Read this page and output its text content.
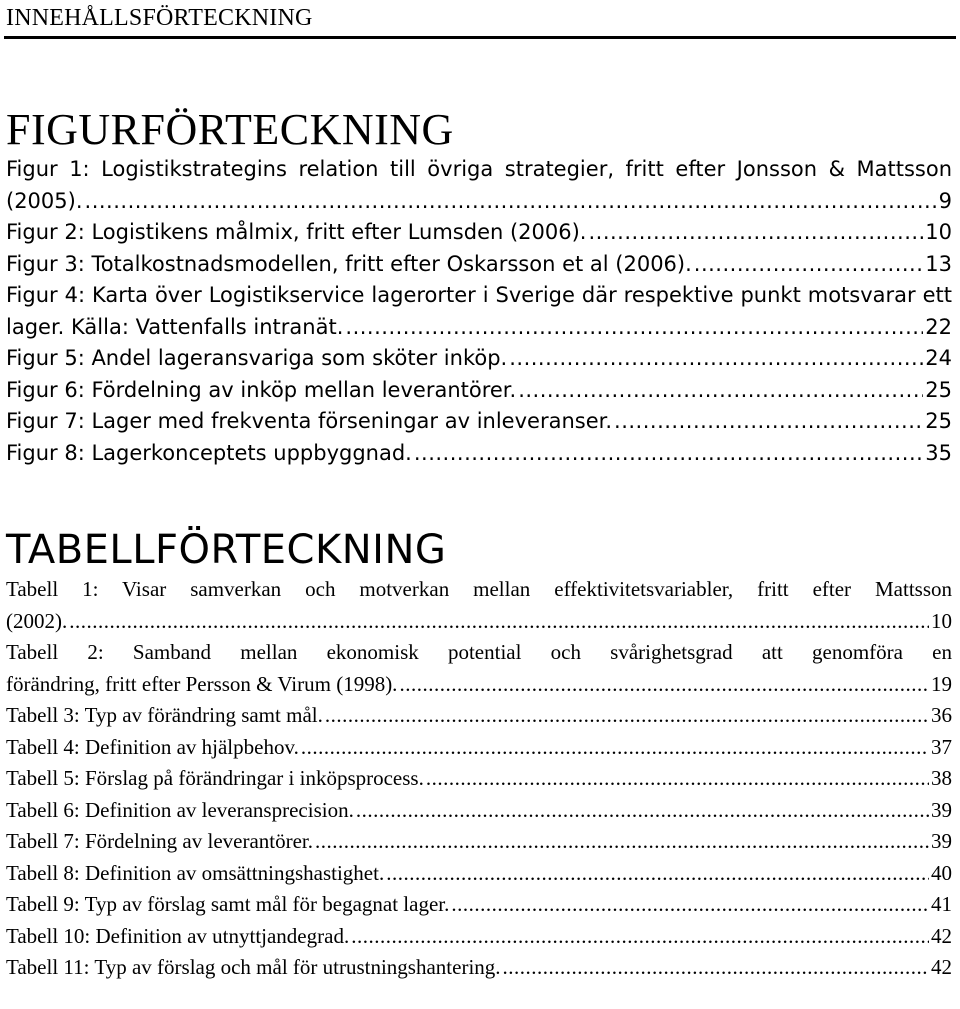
INNEHÅLLSFÖRTECKNING
FIGURFÖRTECKNING
Figur 1: Logistikstrategins relation till övriga strategier, fritt efter Jonsson & Mattsson
(2005). .....	9
Figur 2: Logistikens målmix, fritt efter Lumsden (2006). .....	10
Figur 3: Totalkostnadsmodellen, fritt efter Oskarsson et al (2006). .....	13
Figur 4: Karta över Logistikservice lagerorter i Sverige där respektive punkt motsvarar ett
lager. Källa: Vattenfalls intranät. .....	22
Figur 5: Andel lageransvariga som sköter inköp. .....	24
Figur 6: Fördelning av inköp mellan leverantörer. .....	25
Figur 7: Lager med frekventa förseningar av inleveranser. .....	25
Figur 8: Lagerkonceptets uppbyggnad. .....	35
TABELLFÖRTECKNING
Tabell 1: Visar samverkan och motverkan mellan effektivitetsvariabler, fritt efter Mattsson
(2002). .....	10
Tabell 2: Samband mellan ekonomisk potential och svårighetsgrad att genomföra en
förändring, fritt efter Persson & Virum (1998). .....	19
Tabell 3: Typ av förändring samt mål. .....	36
Tabell 4: Definition av hjälpbehov. .....	37
Tabell 5: Förslag på förändringar i inköpsprocess. .....	38
Tabell 6: Definition av leveransprecision. .....	39
Tabell 7: Fördelning av leverantörer. .....	39
Tabell 8: Definition av omsättningshastighet. .....	40
Tabell 9: Typ av förslag samt mål för begagnat lager. .....	41
Tabell 10: Definition av utnyttjandegrad. .....	42
Tabell 11: Typ av förslag och mål för utrustningshantering. .....	42
